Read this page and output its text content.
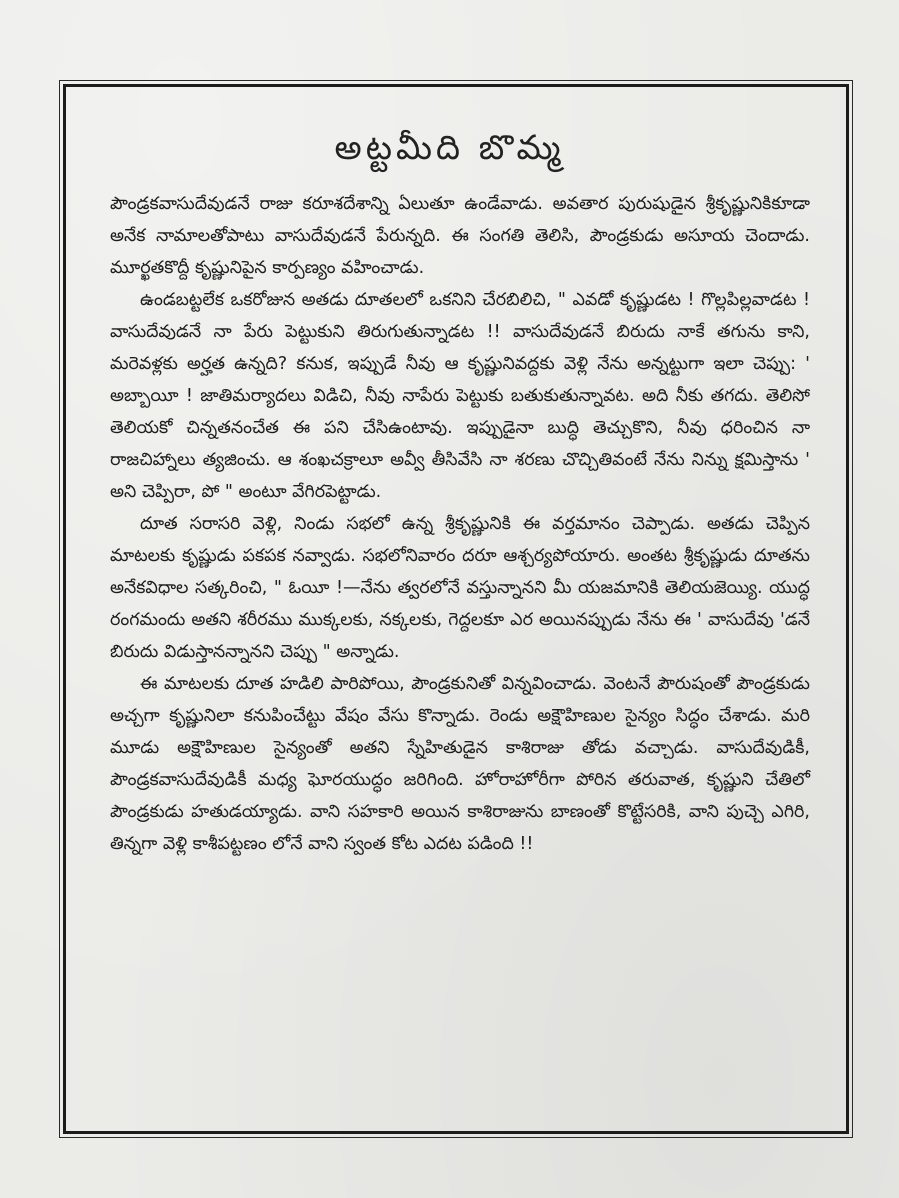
అట్టమీది బొమ్మ

పౌండ్రకవాసుదేవుడనే రాజు కరూశదేశాన్ని ఏలుతూ ఉండేవాడు. అవతార పురుషుడైన శ్రీకృష్ణునికికూడా అనేక నామాలతోపాటు వాసుదేవుడనే పేరున్నది. ఈ సంగతి తెలిసి, పౌండ్రకుడు అసూయ చెందాడు. మూర్ఖతకొద్దీ కృష్ణునిపైన కార్పణ్యం వహించాడు.

ఉండబట్టలేక ఒకరోజున అతడు దూతలలో ఒకనిని చేరబిలిచి, " ఎవడో కృష్ణుడట ! గొల్లపిల్లవాడట ! వాసుదేవుడనే నా పేరు పెట్టుకుని తిరుగుతున్నాడట !! వాసుదేవుడనే బిరుదు నాకే తగును కాని, మరెవళ్లకు అర్హత ఉన్నది? కనుక, ఇప్పుడే నీవు ఆ కృష్ణునివద్దకు వెళ్లి నేను అన్నట్టుగా ఇలా చెప్పు: ' అబ్బాయీ ! జాతిమర్యాదలు విడిచి, నీవు నాపేరు పెట్టుకు బతుకుతున్నావట. అది నీకు తగదు. తెలిసో తెలియకో చిన్నతనంచేత ఈ పని చేసిఉంటావు. ఇప్పుడైనా బుద్ధి తెచ్చుకొని, నీవు ధరించిన నా రాజచిహ్నాలు త్యజించు. ఆ శంఖచక్రాలూ అవ్వీ తీసివేసి నా శరణు చొచ్చితివంటే నేను నిన్ను క్షమిస్తాను ' అని చెప్పిరా, పో " అంటూ వేగిరపెట్టాడు.

దూత సరాసరి వెళ్లి, నిండు సభలో ఉన్న శ్రీకృష్ణునికి ఈ వర్తమానం చెప్పాడు. అతడు చెప్పిన మాటలకు కృష్ణుడు పకపక నవ్వాడు. సభలోనివారం దరూ ఆశ్చర్యపోయారు. అంతట శ్రీకృష్ణుడు దూతను అనేకవిధాల సత్కరించి, " ఓయీ !—నేను త్వరలోనే వస్తున్నానని మీ యజమానికి తెలియజెయ్యి. యుద్ధ రంగమందు అతని శరీరము ముక్కలకు, నక్కలకు, గెద్దలకూ ఎర అయినప్పుడు నేను ఈ ' వాసుదేవు 'డనే బిరుదు విడుస్తానన్నానని చెప్పు " అన్నాడు.

ఈ మాటలకు దూత హడిలి పారిపోయి, పౌండ్రకునితో విన్నవించాడు. వెంటనే పౌరుషంతో పౌండ్రకుడు అచ్చగా కృష్ణునిలా కనుపించేట్టు వేషం వేసు కొన్నాడు. రెండు అక్షౌహిణుల సైన్యం సిద్ధం చేశాడు. మరి మూడు అక్షౌహిణుల సైన్యంతో అతని స్నేహితుడైన కాశిరాజు తోడు వచ్చాడు. వాసుదేవుడికీ, పౌండ్రకవాసుదేవుడికీ మధ్య ఘోరయుద్ధం జరిగింది. హోరాహోరీగా పోరిన తరువాత, కృష్ణుని చేతిలో పౌండ్రకుడు హతుడయ్యాడు. వాని సహకారి అయిన కాశిరాజును బాణంతో కొట్టేసరికి, వాని పుచ్చె ఎగిరి, తిన్నగా వెళ్లి కాశీపట్టణం లోనే వాని స్వంత కోట ఎదట పడింది !!
